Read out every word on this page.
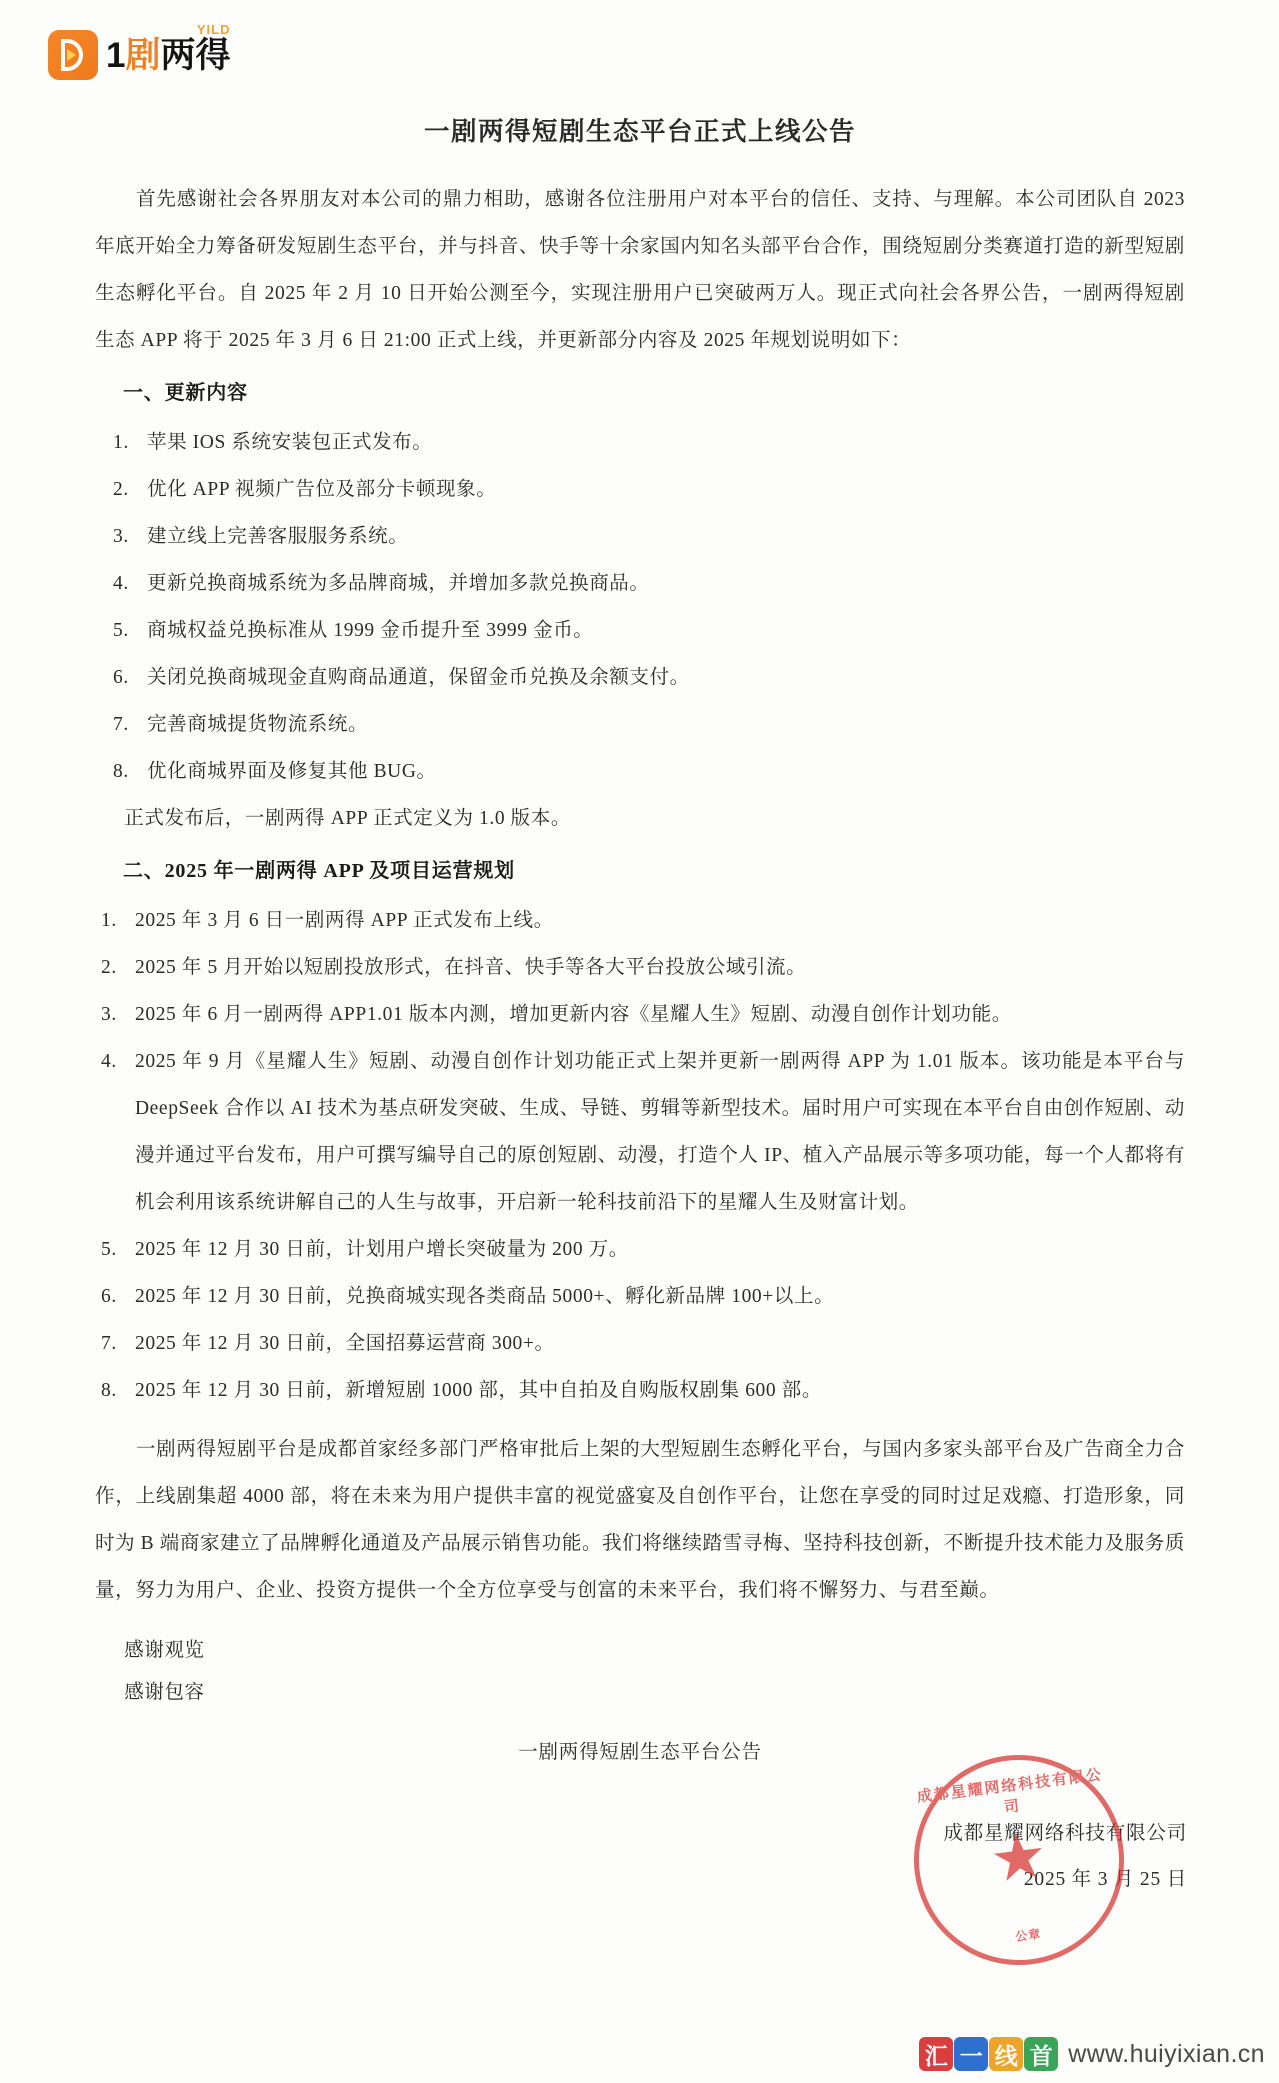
1剧两得
YILD
一剧两得短剧生态平台正式上线公告

首先感谢社会各界朋友对本公司的鼎力相助，感谢各位注册用户对本平台的信任、支持、与理解。本公司团队自 2023 年底开始全力筹备研发短剧生态平台，并与抖音、快手等十余家国内知名头部平台合作，围绕短剧分类赛道打造的新型短剧生态孵化平台。自 2025 年 2 月 10 日开始公测至今，实现注册用户已突破两万人。现正式向社会各界公告，一剧两得短剧生态 APP 将于 2025 年 3 月 6 日 21:00 正式上线，并更新部分内容及 2025 年规划说明如下：

一、更新内容
1. 苹果 IOS 系统安装包正式发布。
2. 优化 APP 视频广告位及部分卡顿现象。
3. 建立线上完善客服服务系统。
4. 更新兑换商城系统为多品牌商城，并增加多款兑换商品。
5. 商城权益兑换标准从 1999 金币提升至 3999 金币。
6. 关闭兑换商城现金直购商品通道，保留金币兑换及余额支付。
7. 完善商城提货物流系统。
8. 优化商城界面及修复其他 BUG。

正式发布后，一剧两得 APP 正式定义为 1.0 版本。

二、2025 年一剧两得 APP 及项目运营规划
1. 2025 年 3 月 6 日一剧两得 APP 正式发布上线。
2. 2025 年 5 月开始以短剧投放形式，在抖音、快手等各大平台投放公域引流。
3. 2025 年 6 月一剧两得 APP1.01 版本内测，增加更新内容《星耀人生》短剧、动漫自创作计划功能。
4. 2025 年 9 月《星耀人生》短剧、动漫自创作计划功能正式上架并更新一剧两得 APP 为 1.01 版本。该功能是本平台与 DeepSeek 合作以 AI 技术为基点研发突破、生成、导链、剪辑等新型技术。届时用户可实现在本平台自由创作短剧、动漫并通过平台发布，用户可撰写编导自己的原创短剧、动漫，打造个人 IP、植入产品展示等多项功能，每一个人都将有机会利用该系统讲解自己的人生与故事，开启新一轮科技前沿下的星耀人生及财富计划。
5. 2025 年 12 月 30 日前，计划用户增长突破量为 200 万。
6. 2025 年 12 月 30 日前，兑换商城实现各类商品 5000+、孵化新品牌 100+以上。
7. 2025 年 12 月 30 日前，全国招募运营商 300+。
8. 2025 年 12 月 30 日前，新增短剧 1000 部，其中自拍及自购版权剧集 600 部。

一剧两得短剧平台是成都首家经多部门严格审批后上架的大型短剧生态孵化平台，与国内多家头部平台及广告商全力合作，上线剧集超 4000 部，将在未来为用户提供丰富的视觉盛宴及自创作平台，让您在享受的同时过足戏瘾、打造形象，同时为 B 端商家建立了品牌孵化通道及产品展示销售功能。我们将继续踏雪寻梅、坚持科技创新，不断提升技术能力及服务质量，努力为用户、企业、投资方提供一个全方位享受与创富的未来平台，我们将不懈努力、与君至巅。

感谢观览

感谢包容

一剧两得短剧生态平台公告

成都星耀网络科技有限公司
2025 年 3 月 25 日
成都星耀网络科技有限公司
★
公章
汇 一 线 首 www.huiyixian.cn
